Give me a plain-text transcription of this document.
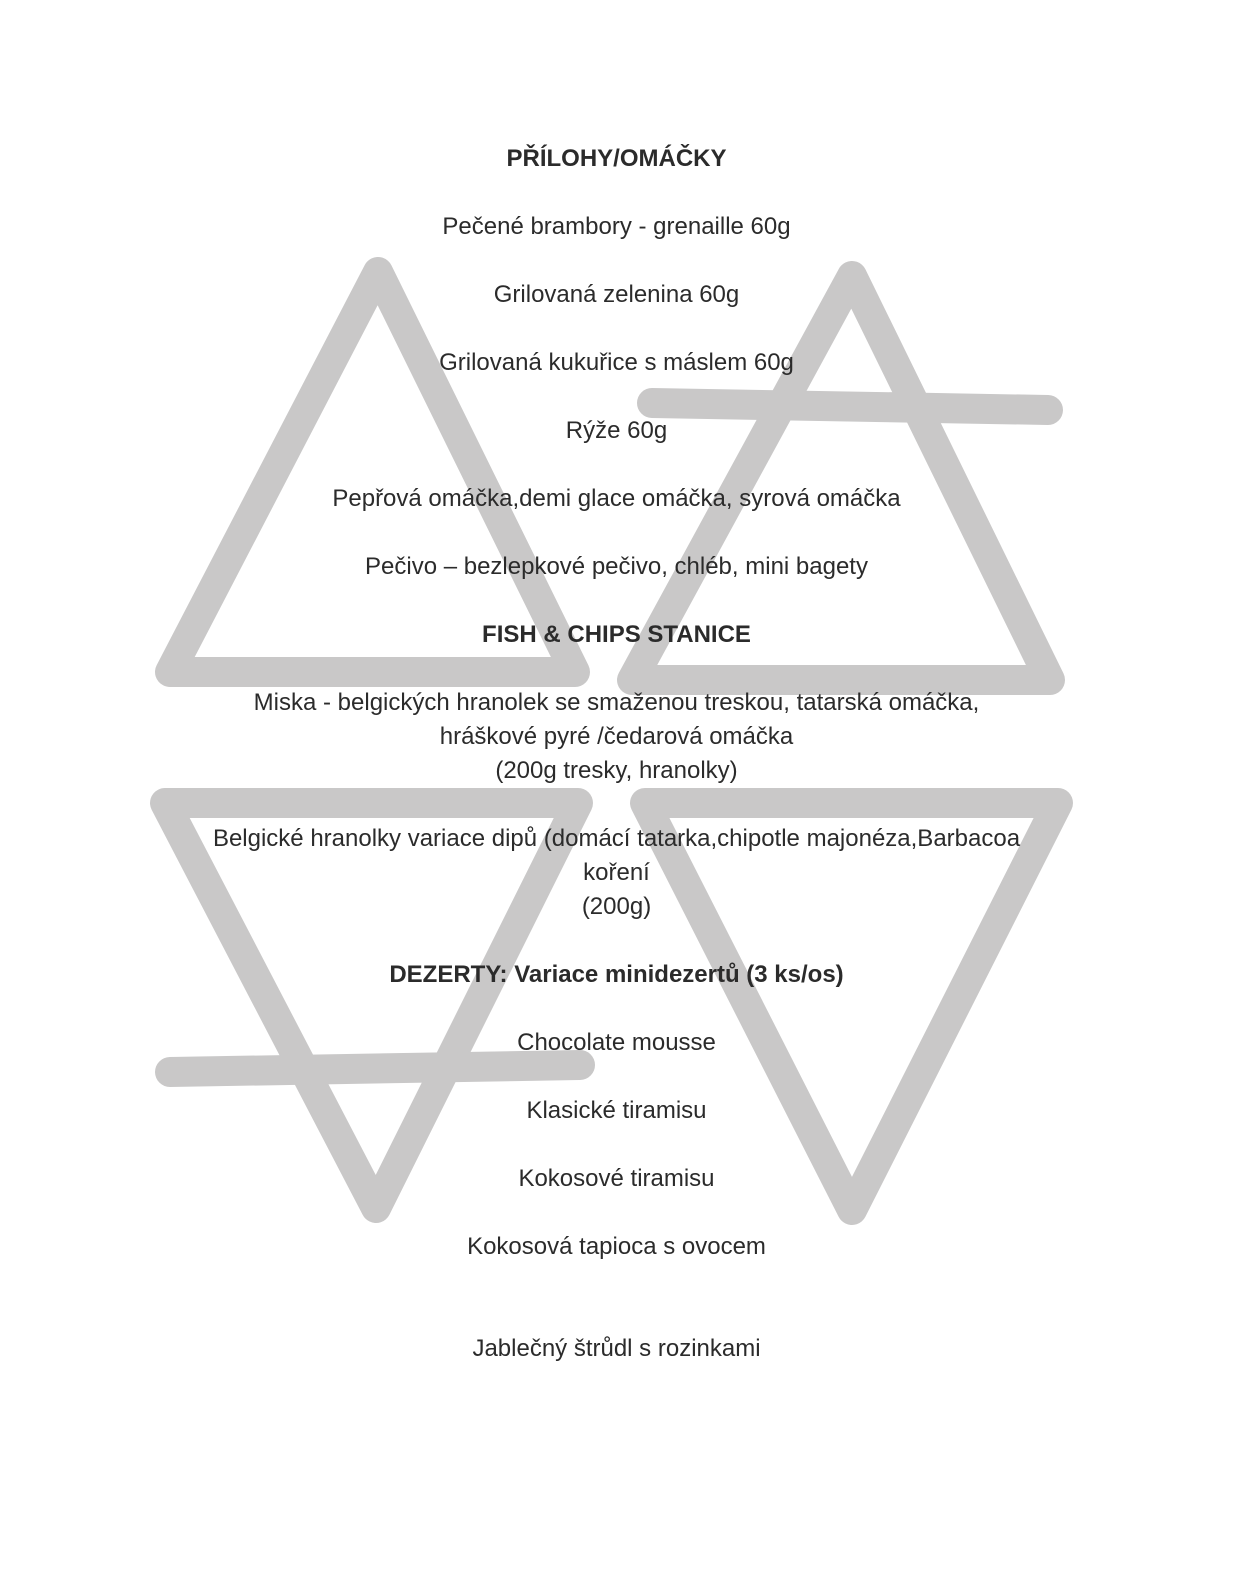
PŘÍLOHY/OMÁČKY
Pečené brambory - grenaille 60g
Grilovaná zelenina 60g
Grilovaná kukuřice s máslem 60g
Rýže 60g
Pepřová omáčka,demi glace omáčka, syrová omáčka
Pečivo – bezlepkové pečivo, chléb, mini bagety
FISH & CHIPS STANICE
Miska - belgických hranolek se smaženou treskou, tatarská omáčka,
hráškové pyré /čedarová omáčka
(200g tresky, hranolky)
Belgické hranolky variace dipů (domácí tatarka,chipotle majonéza,Barbacoa
koření
(200g)
DEZERTY: Variace minidezertů (3 ks/os)
Chocolate mousse
Klasické tiramisu
Kokosové tiramisu
Kokosová tapioca s ovocem
Jablečný štrůdl s rozinkami
